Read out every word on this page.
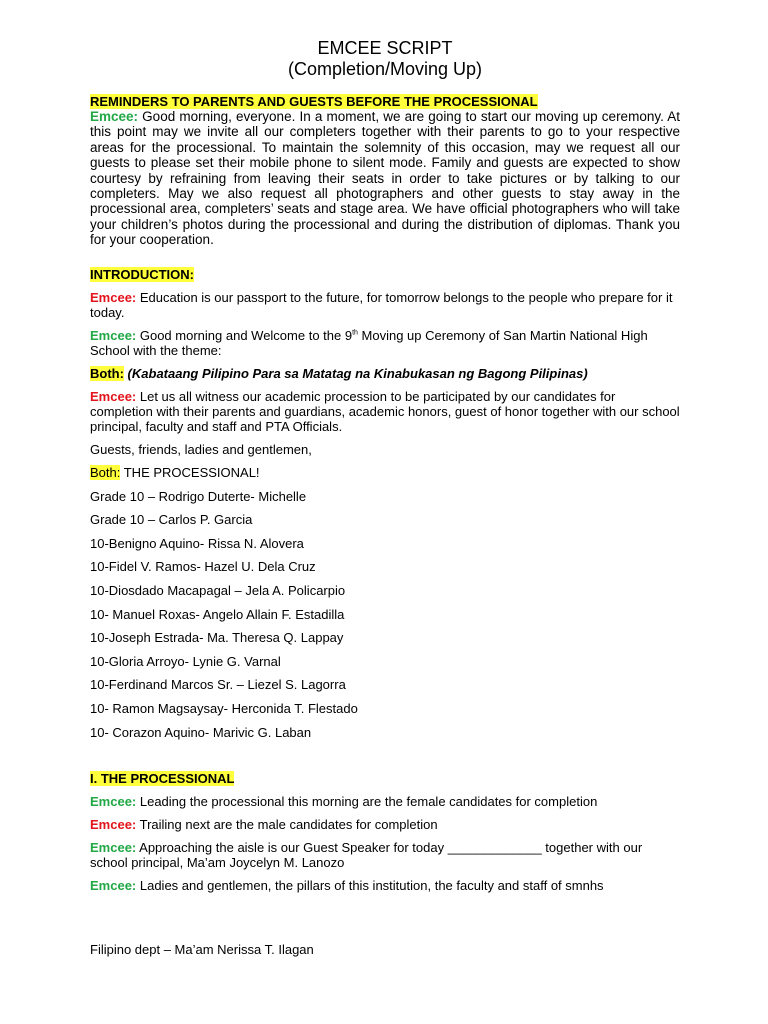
EMCEE SCRIPT

(Completion/Moving Up)

REMINDERS TO PARENTS AND GUESTS BEFORE THE PROCESSIONAL

Emcee: Good morning, everyone. In a moment, we are going to start our moving up ceremony. At this point may we invite all our completers together with their parents to go to your respective areas for the processional. To maintain the solemnity of this occasion, may we request all our guests to please set their mobile phone to silent mode. Family and guests are expected to show courtesy by refraining from leaving their seats in order to take pictures or by talking to our completers. May we also request all photographers and other guests to stay away in the processional area, completers’ seats and stage area. We have official photographers who will take your children’s photos during the processional and during the distribution of diplomas. Thank you for your cooperation.

INTRODUCTION:

Emcee: Education is our passport to the future, for tomorrow belongs to the people who prepare for it today.

Emcee: Good morning and Welcome to the 9th Moving up Ceremony of San Martin National High School with the theme:

Both: (Kabataang Pilipino Para sa Matatag na Kinabukasan ng Bagong Pilipinas)

Emcee: Let us all witness our academic procession to be participated by our candidates for completion with their parents and guardians, academic honors, guest of honor together with our school principal, faculty and staff and PTA Officials.

Guests, friends, ladies and gentlemen,

Both: THE PROCESSIONAL!

Grade 10 – Rodrigo Duterte- Michelle

Grade 10 – Carlos P. Garcia

10-Benigno Aquino- Rissa N. Alovera

10-Fidel V. Ramos- Hazel U. Dela Cruz

10-Diosdado Macapagal – Jela A. Policarpio

10- Manuel Roxas- Angelo Allain F. Estadilla

10-Joseph Estrada- Ma. Theresa Q. Lappay

10-Gloria Arroyo- Lynie G. Varnal

10-Ferdinand Marcos Sr. – Liezel S. Lagorra

10- Ramon Magsaysay- Herconida T. Flestado

10- Corazon Aquino- Marivic G. Laban

I. THE PROCESSIONAL

Emcee: Leading the processional this morning are the female candidates for completion

Emcee: Trailing next are the male candidates for completion

Emcee: Approaching the aisle is our Guest Speaker for today _____________ together with our school principal, Ma’am Joycelyn M. Lanozo

Emcee: Ladies and gentlemen, the pillars of this institution, the faculty and staff of smnhs

Filipino dept – Ma’am Nerissa T. Ilagan
